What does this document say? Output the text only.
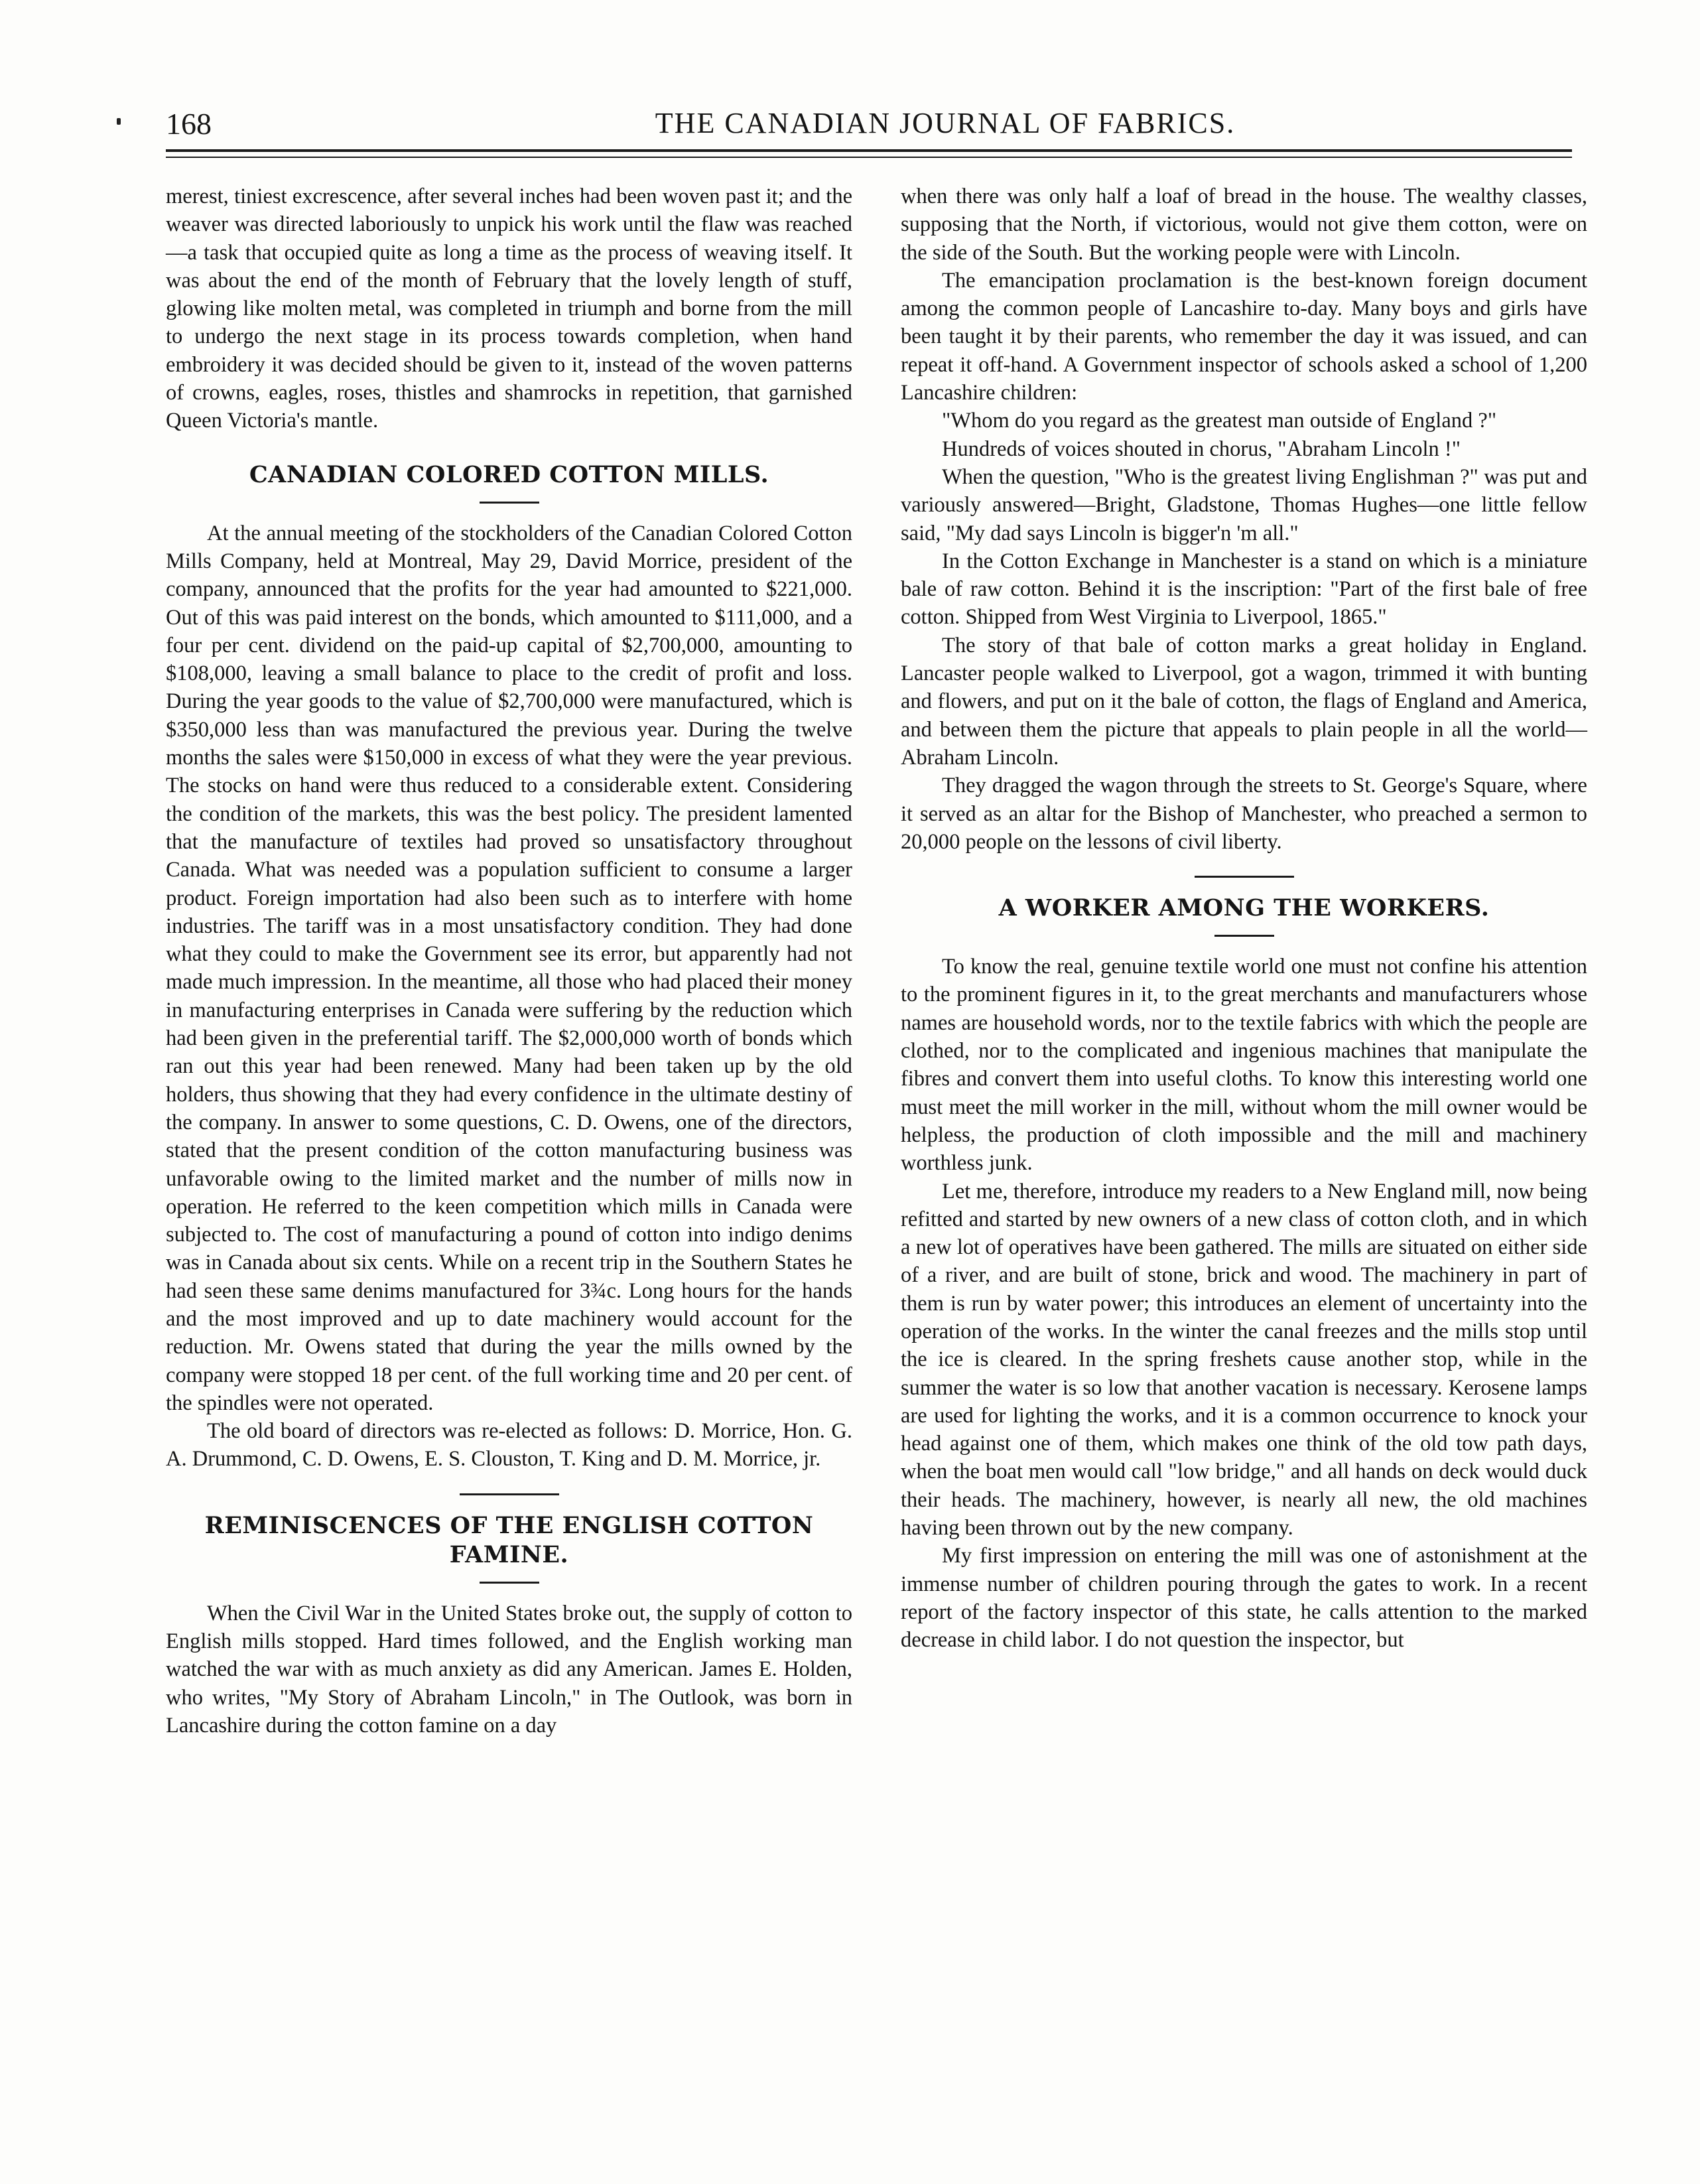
168	THE CANADIAN JOURNAL OF FABRICS.

merest, tiniest excrescence, after several inches had been woven past it; and the weaver was directed laboriously to unpick his work until the flaw was reached—a task that occupied quite as long a time as the process of weaving itself. It was about the end of the month of February that the lovely length of stuff, glowing like molten metal, was completed in triumph and borne from the mill to undergo the next stage in its process towards completion, when hand embroidery it was decided should be given to it, instead of the woven patterns of crowns, eagles, roses, thistles and shamrocks in repetition, that garnished Queen Victoria's mantle.

CANADIAN COLORED COTTON MILLS.

At the annual meeting of the stockholders of the Canadian Colored Cotton Mills Company, held at Montreal, May 29, David Morrice, president of the company, announced that the profits for the year had amounted to $221,000. Out of this was paid interest on the bonds, which amounted to $111,000, and a four per cent. dividend on the paid-up capital of $2,700,000, amounting to $108,000, leaving a small balance to place to the credit of profit and loss. During the year goods to the value of $2,700,000 were manufactured, which is $350,000 less than was manufactured the previous year. During the twelve months the sales were $150,000 in excess of what they were the year previous. The stocks on hand were thus reduced to a considerable extent. Considering the condition of the markets, this was the best policy. The president lamented that the manufacture of textiles had proved so unsatisfactory throughout Canada. What was needed was a population sufficient to consume a larger product. Foreign importation had also been such as to interfere with home industries. The tariff was in a most unsatisfactory condition. They had done what they could to make the Government see its error, but apparently had not made much impression. In the meantime, all those who had placed their money in manufacturing enterprises in Canada were suffering by the reduction which had been given in the preferential tariff. The $2,000,000 worth of bonds which ran out this year had been renewed. Many had been taken up by the old holders, thus showing that they had every confidence in the ultimate destiny of the company. In answer to some questions, C. D. Owens, one of the directors, stated that the present condition of the cotton manufacturing business was unfavorable owing to the limited market and the number of mills now in operation. He referred to the keen competition which mills in Canada were subjected to. The cost of manufacturing a pound of cotton into indigo denims was in Canada about six cents. While on a recent trip in the Southern States he had seen these same denims manufactured for 3¾c. Long hours for the hands and the most improved and up to date machinery would account for the reduction. Mr. Owens stated that during the year the mills owned by the company were stopped 18 per cent. of the full working time and 20 per cent. of the spindles were not operated.

The old board of directors was re-elected as follows: D. Morrice, Hon. G. A. Drummond, C. D. Owens, E. S. Clouston, T. King and D. M. Morrice, jr.

REMINISCENCES OF THE ENGLISH COTTON FAMINE.

When the Civil War in the United States broke out, the supply of cotton to English mills stopped. Hard times followed, and the English working man watched the war with as much anxiety as did any American. James E. Holden, who writes, "My Story of Abraham Lincoln," in The Outlook, was born in Lancashire during the cotton famine on a day

when there was only half a loaf of bread in the house. The wealthy classes, supposing that the North, if victorious, would not give them cotton, were on the side of the South. But the working people were with Lincoln.

The emancipation proclamation is the best-known foreign document among the common people of Lancashire to-day. Many boys and girls have been taught it by their parents, who remember the day it was issued, and can repeat it off-hand. A Government inspector of schools asked a school of 1,200 Lancashire children:

"Whom do you regard as the greatest man outside of England ?"

Hundreds of voices shouted in chorus, "Abraham Lincoln !"

When the question, "Who is the greatest living Englishman ?" was put and variously answered—Bright, Gladstone, Thomas Hughes—one little fellow said, "My dad says Lincoln is bigger'n 'm all."

In the Cotton Exchange in Manchester is a stand on which is a miniature bale of raw cotton. Behind it is the inscription: "Part of the first bale of free cotton. Shipped from West Virginia to Liverpool, 1865."

The story of that bale of cotton marks a great holiday in England. Lancaster people walked to Liverpool, got a wagon, trimmed it with bunting and flowers, and put on it the bale of cotton, the flags of England and America, and between them the picture that appeals to plain people in all the world—Abraham Lincoln.

They dragged the wagon through the streets to St. George's Square, where it served as an altar for the Bishop of Manchester, who preached a sermon to 20,000 people on the lessons of civil liberty.

A WORKER AMONG THE WORKERS.

To know the real, genuine textile world one must not confine his attention to the prominent figures in it, to the great merchants and manufacturers whose names are household words, nor to the textile fabrics with which the people are clothed, nor to the complicated and ingenious machines that manipulate the fibres and convert them into useful cloths. To know this interesting world one must meet the mill worker in the mill, without whom the mill owner would be helpless, the production of cloth impossible and the mill and machinery worthless junk.

Let me, therefore, introduce my readers to a New England mill, now being refitted and started by new owners of a new class of cotton cloth, and in which a new lot of operatives have been gathered. The mills are situated on either side of a river, and are built of stone, brick and wood. The machinery in part of them is run by water power; this introduces an element of uncertainty into the operation of the works. In the winter the canal freezes and the mills stop until the ice is cleared. In the spring freshets cause another stop, while in the summer the water is so low that another vacation is necessary. Kerosene lamps are used for lighting the works, and it is a common occurrence to knock your head against one of them, which makes one think of the old tow path days, when the boat men would call "low bridge," and all hands on deck would duck their heads. The machinery, however, is nearly all new, the old machines having been thrown out by the new company.

My first impression on entering the mill was one of astonishment at the immense number of children pouring through the gates to work. In a recent report of the factory inspector of this state, he calls attention to the marked decrease in child labor. I do not question the inspector, but
